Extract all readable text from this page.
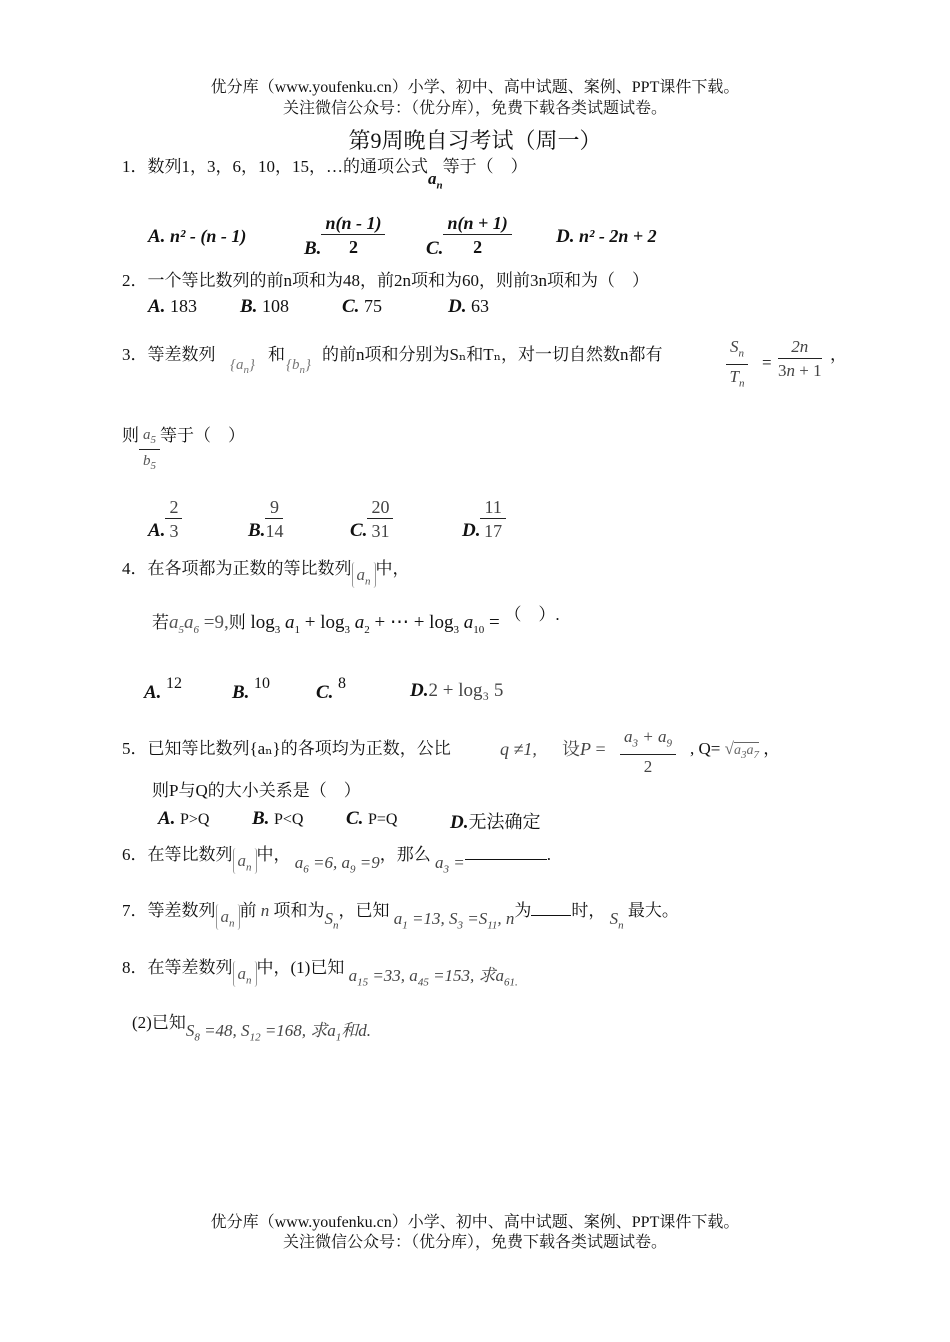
优分库（www.youfenku.cn）小学、初中、高中试题、案例、PPT课件下载。
关注微信公众号：（优分库），免费下载各类试题试卷。
第9周晚自习考试（周一）
1．数列1，3，6，10，15，…的通项公式$a_n$等于（　）
A. n² - (n - 1)
B. $\frac{n(n - 1)}{2} C$. $\frac{n(n + 1)}{2} D$. n² - 2n + 2
2．一个等比数列的前n项和为48，前2n项和为60，则前3n项和为（　）
A. 183 B. 108	C. 75	D. 63
3．等差数列
$\{a_n\}$
和
$\{b_n\}$
的前n项和分别为Sₙ和Tₙ，对一切自然数n都有	$\frac{S_n}{T_n} = \frac{2n}{3n + 1}$ ，
则 $\frac{a_5}{b_5}$ 等于（　）
A. $\frac{2}{3}$	B. $\frac{9}{14}$	C. $\frac{20}{31}$	D. $\frac{11}{17}$
4．在各项都为正数的等比数列 $a_n$中，
若$a_5a_6 =9$,则 $\log_3 a_1 + \log_3 a_2$ + ⋯ + $\log_3 a_{10}$ = （　）.
A. 12	B. 10 C. 8	D.2 + log₃ 5
5．已知等比数列{aₙ}的各项均为正数，公比	q ≠1, 设$P = \frac{a_3 + a_9}{2}$ , $Q= √a_3a_7$ ，
则P与Q的大小关系是（　）
A. P>Q B. P<Q C. P=Q	D.无法确定
6．在等比数列 $a_n$中， $a_6 =6$, $a_9 =9$，那么 $a_3$ =	.
7．等差数列 $a_n$前 n 项和为$S_n$，已知 $a_1 =13$, $S_3 =S_{11}$, n为 时， $S_n$ 最大。
8．在等差数列 $a_n$中，(1)已知 $a_{15} =33$, $a_{45} =153$, 求$a_{61.}$
(2)已知$S_8 =48$, $S_{12} =168$, 求$a_1$和d.
优分库（www.youfenku.cn）小学、初中、高中试题、案例、PPT课件下载。
关注微信公众号：（优分库），免费下载各类试题试卷。
